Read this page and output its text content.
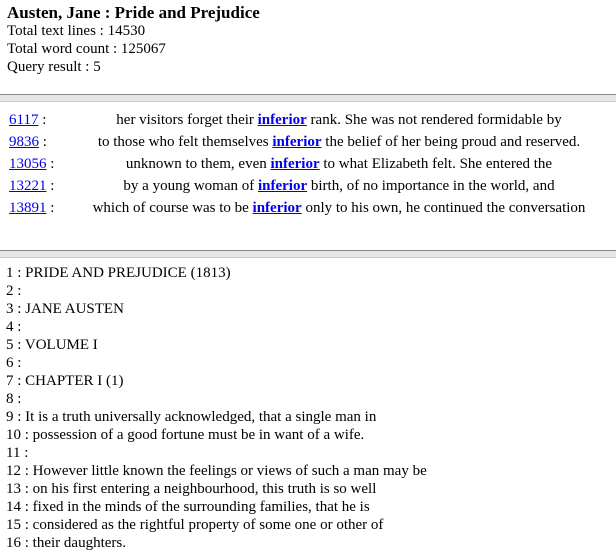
Austen, Jane : Pride and Prejudice
Total text lines : 14530
Total word count : 125067
Query result : 5
6117 :	her visitors forget their inferior rank. She was not rendered formidable by
9836 :	to those who felt themselves inferior the belief of her being proud and reserved.
13056 :	unknown to them, even inferior to what Elizabeth felt. She entered the
13221 :	by a young woman of inferior birth, of no importance in the world, and
13891 :	which of course was to be inferior only to his own, he continued the conversation
1 : PRIDE AND PREJUDICE (1813)
2 :
3 : JANE AUSTEN
4 :
5 : VOLUME I
6 :
7 : CHAPTER I (1)
8 :
9 : It is a truth universally acknowledged, that a single man in
10 : possession of a good fortune must be in want of a wife.
11 :
12 : However little known the feelings or views of such a man may be
13 : on his first entering a neighbourhood, this truth is so well
14 : fixed in the minds of the surrounding families, that he is
15 : considered as the rightful property of some one or other of
16 : their daughters.
